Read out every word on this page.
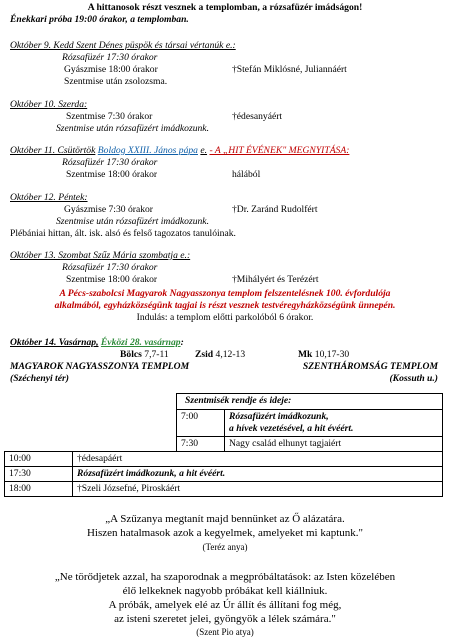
A hittanosok részt vesznek a templomban, a rózsafüzér imádságon!
Énekkari próba 19:00 órakor, a templomban.
Október 9. Kedd Szent Dénes püspök és társai vértanúk e.:
Rózsafüzér 17:30 órakor
Gyászmise 18:00 órakor	†Stefán Miklósné, Juliannáért
Szentmise után zsolozsma.
Október 10. Szerda:
Szentmise 7:30 órakor	†édesanyáért
Szentmise után rózsafüzért imádkozunk.
Október 11. Csütörtök Boldog XXIII. János pápa e. - A „HIT ÉVÉNEK" MEGNYITÁSA:
Rózsafüzér 17:30 órakor
Szentmise 18:00 órakor	hálából
Október 12. Péntek:
Gyászmise 7:30 órakor	†Dr. Zaránd Rudolfért
Szentmise után rózsafüzért imádkozunk.
Plébániai hittan, ált. isk. alsó és felső tagozatos tanulóinak.
Október 13. Szombat Szűz Mária szombatja e.:
Rózsafüzér 17:30 órakor
Szentmise 18:00 órakor	†Mihályért és Terézért
A Pécs-szabolcsi Magyarok Nagyasszonya templom felszentelésnek 100. évfordulója
alkalmából, egyházközségünk tagjai is részt vesznek testvéregyházközségünk ünnepén.
Indulás: a templom előtti parkolóból 6 órakor.
Október 14. Vasárnap, Évközi 28. vasárnap:
Bölcs 7,7-11	Zsid 4,12-13	Mk 10,17-30
MAGYAROK NAGYASSZONYA TEMPLOM
(Széchenyi tér)
SZENTHÁROMSÁG TEMPLOM
(Kossuth u.)
Szentmisék rendje és ideje:	
7:00	Rózsafüzért imádkozunk,
a hívek vezetésével, a hit évéért.

7:30	Nagy család elhunyt tagjaiért
10:00	†édesapáért
17:30	Rózsafüzért imádkozunk, a hit évéért.
18:00	†Szeli Józsefné, Piroskáért
„A Szűzanya megtanít majd bennünket az Ő alázatára.
Hiszen hatalmasok azok a kegyelmek, amelyeket mi kaptunk."
(Teréz anya)
„Ne törődjetek azzal, ha szaporodnak a megpróbáltatások: az Isten közelében
élő lelkeknek nagyobb próbákat kell kiállniuk.
A próbák, amelyek elé az Úr állít és állítani fog még,
az isteni szeretet jelei, gyöngyök a lélek számára."
(Szent Pio atya)
